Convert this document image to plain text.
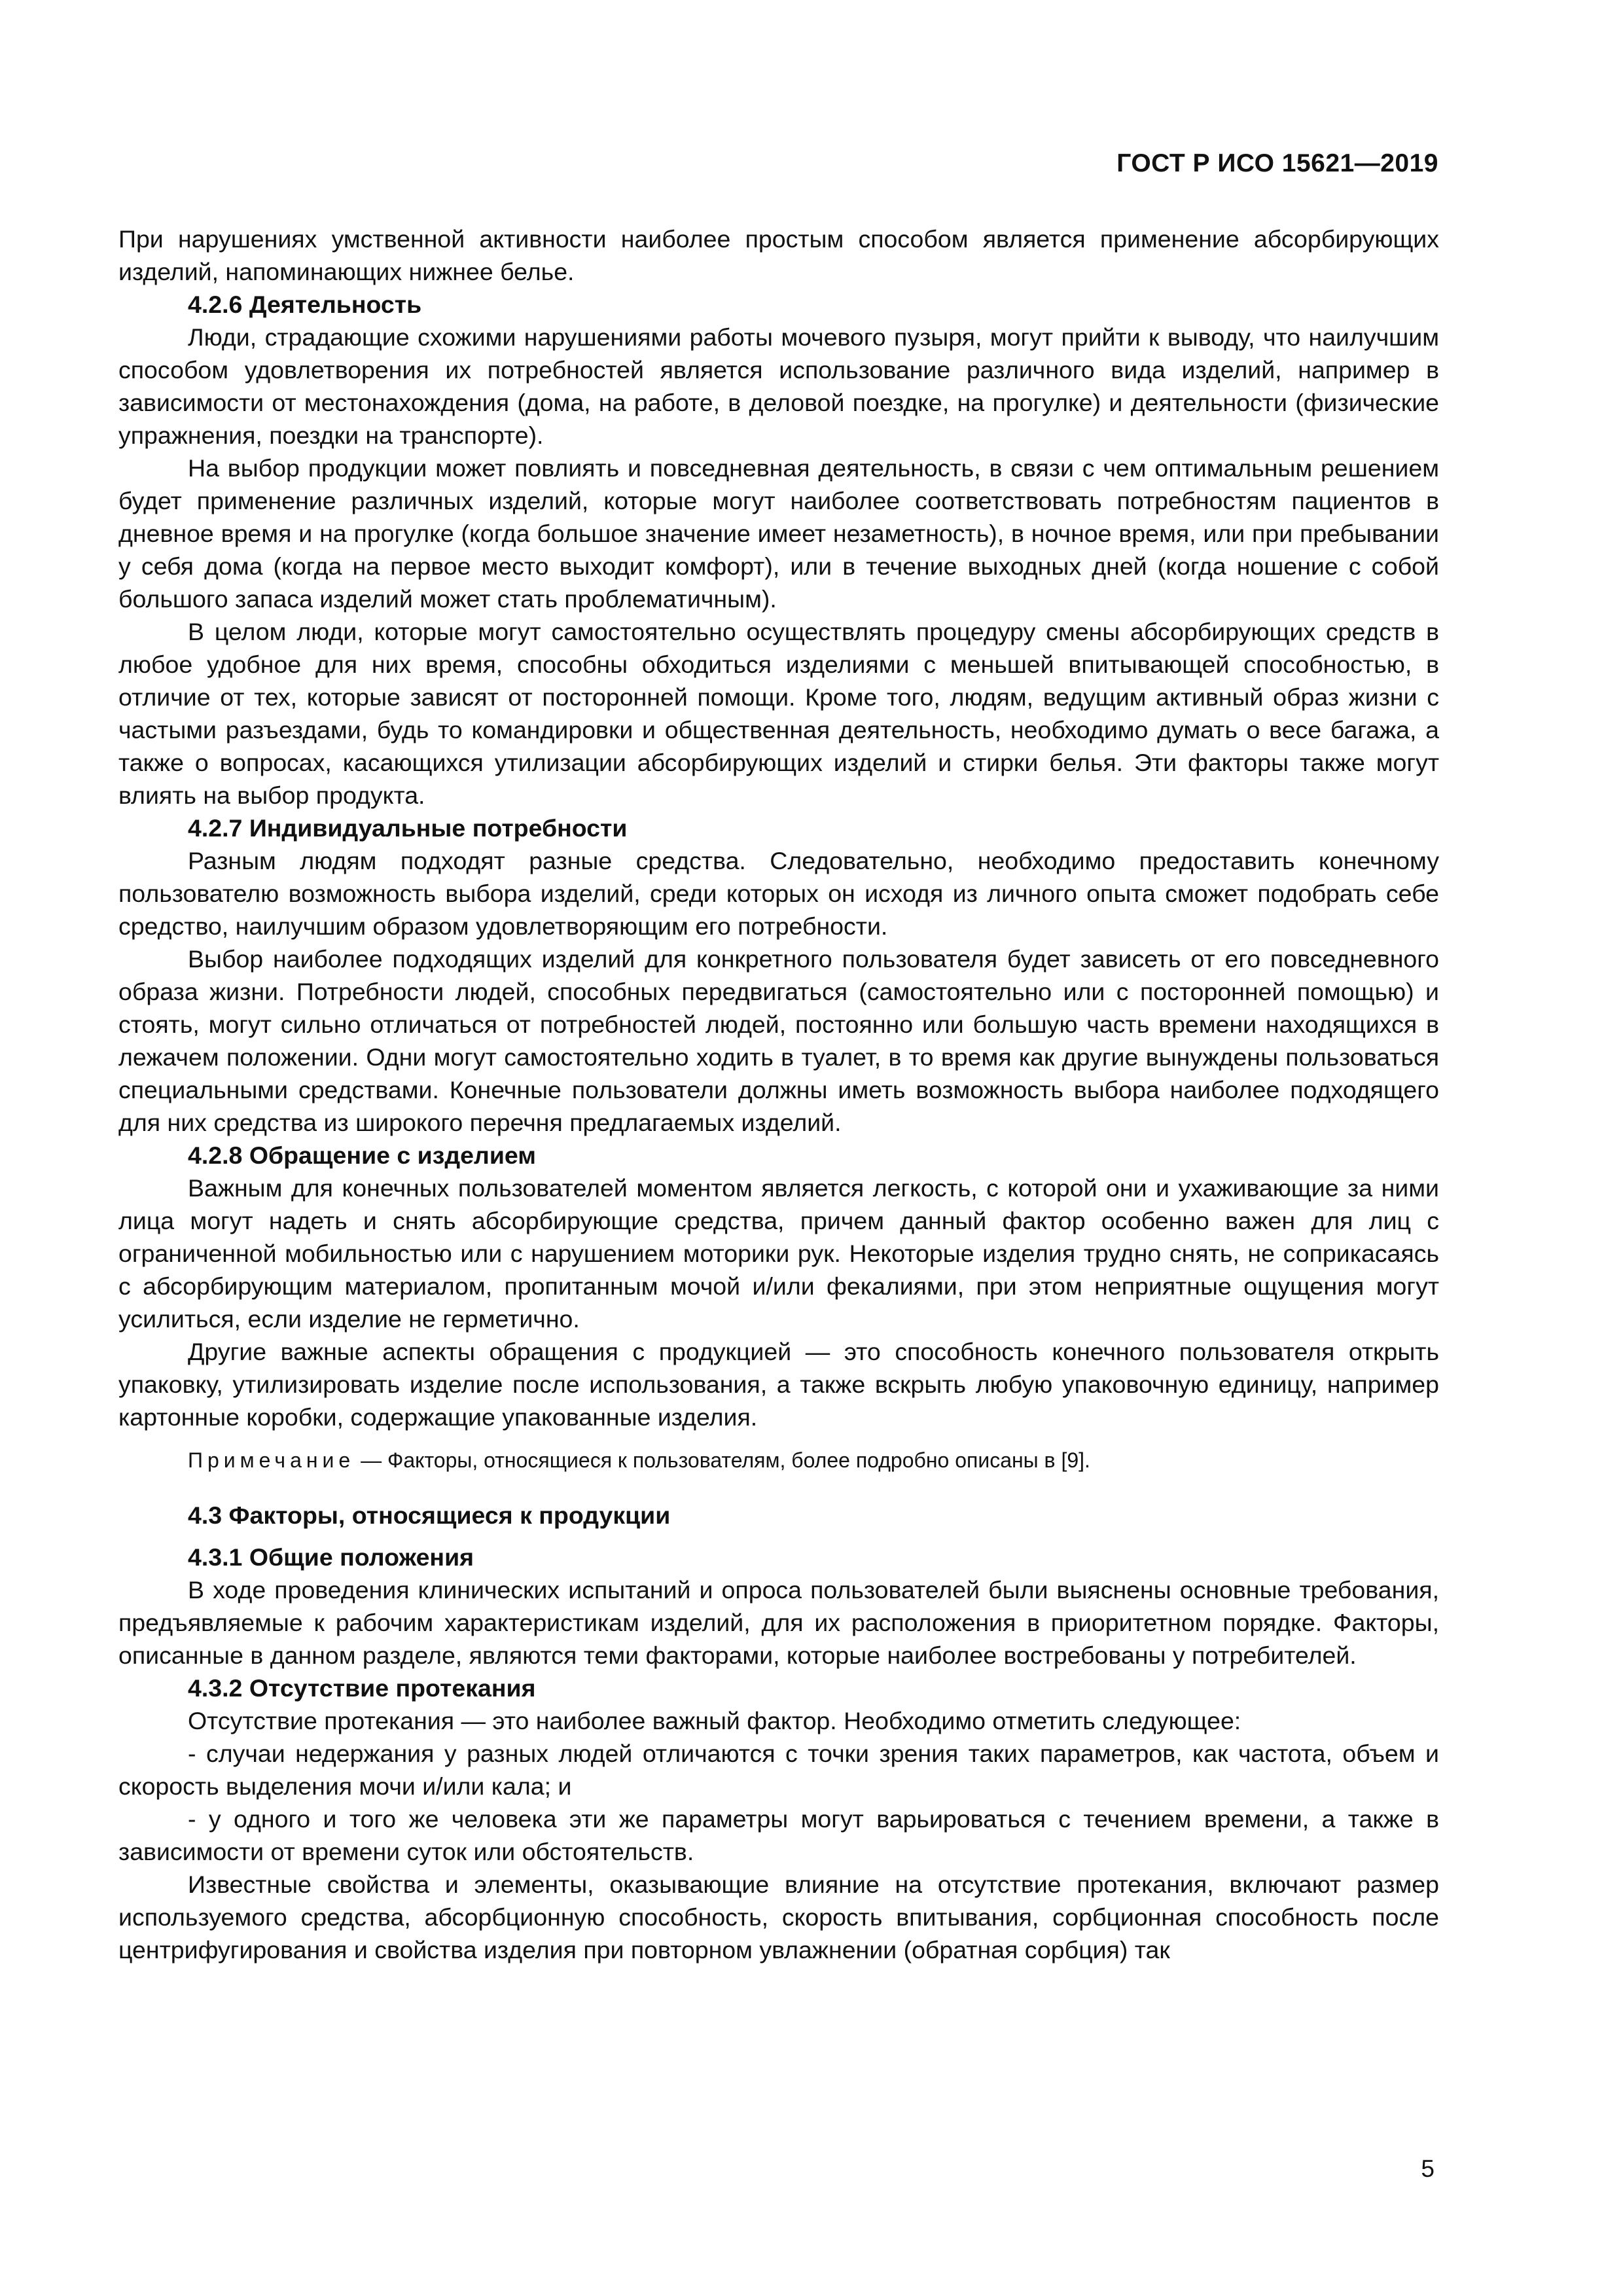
ГОСТ Р ИСО 15621—2019

При нарушениях умственной активности наиболее простым способом является применение абсорбирующих изделий, напоминающих нижнее белье.

4.2.6 Деятельность

Люди, страдающие схожими нарушениями работы мочевого пузыря, могут прийти к выводу, что наилучшим способом удовлетворения их потребностей является использование различного вида изделий, например в зависимости от местонахождения (дома, на работе, в деловой поездке, на прогулке) и деятельности (физические упражнения, поездки на транспорте).

На выбор продукции может повлиять и повседневная деятельность, в связи с чем оптимальным решением будет применение различных изделий, которые могут наиболее соответствовать потребностям пациентов в дневное время и на прогулке (когда большое значение имеет незаметность), в ночное время, или при пребывании у себя дома (когда на первое место выходит комфорт), или в течение выходных дней (когда ношение с собой большого запаса изделий может стать проблематичным).

В целом люди, которые могут самостоятельно осуществлять процедуру смены абсорбирующих средств в любое удобное для них время, способны обходиться изделиями с меньшей впитывающей способностью, в отличие от тех, которые зависят от посторонней помощи. Кроме того, людям, ведущим активный образ жизни с частыми разъездами, будь то командировки и общественная деятельность, необходимо думать о весе багажа, а также о вопросах, касающихся утилизации абсорбирующих изделий и стирки белья. Эти факторы также могут влиять на выбор продукта.

4.2.7 Индивидуальные потребности

Разным людям подходят разные средства. Следовательно, необходимо предоставить конечному пользователю возможность выбора изделий, среди которых он исходя из личного опыта сможет подобрать себе средство, наилучшим образом удовлетворяющим его потребности.

Выбор наиболее подходящих изделий для конкретного пользователя будет зависеть от его повседневного образа жизни. Потребности людей, способных передвигаться (самостоятельно или с посторонней помощью) и стоять, могут сильно отличаться от потребностей людей, постоянно или большую часть времени находящихся в лежачем положении. Одни могут самостоятельно ходить в туалет, в то время как другие вынуждены пользоваться специальными средствами. Конечные пользователи должны иметь возможность выбора наиболее подходящего для них средства из широкого перечня предлагаемых изделий.

4.2.8 Обращение с изделием

Важным для конечных пользователей моментом является легкость, с которой они и ухаживающие за ними лица могут надеть и снять абсорбирующие средства, причем данный фактор особенно важен для лиц с ограниченной мобильностью или с нарушением моторики рук. Некоторые изделия трудно снять, не соприкасаясь с абсорбирующим материалом, пропитанным мочой и/или фекалиями, при этом неприятные ощущения могут усилиться, если изделие не герметично.

Другие важные аспекты обращения с продукцией — это способность конечного пользователя открыть упаковку, утилизировать изделие после использования, а также вскрыть любую упаковочную единицу, например картонные коробки, содержащие упакованные изделия.

Примечание — Факторы, относящиеся к пользователям, более подробно описаны в [9].

4.3 Факторы, относящиеся к продукции

4.3.1 Общие положения

В ходе проведения клинических испытаний и опроса пользователей были выяснены основные требования, предъявляемые к рабочим характеристикам изделий, для их расположения в приоритетном порядке. Факторы, описанные в данном разделе, являются теми факторами, которые наиболее востребованы у потребителей.

4.3.2 Отсутствие протекания

Отсутствие протекания — это наиболее важный фактор. Необходимо отметить следующее:

- случаи недержания у разных людей отличаются с точки зрения таких параметров, как частота, объем и скорость выделения мочи и/или кала; и

- у одного и того же человека эти же параметры могут варьироваться с течением времени, а также в зависимости от времени суток или обстоятельств.

Известные свойства и элементы, оказывающие влияние на отсутствие протекания, включают размер используемого средства, абсорбционную способность, скорость впитывания, сорбционная способность после центрифугирования и свойства изделия при повторном увлажнении (обратная сорбция) так

5
